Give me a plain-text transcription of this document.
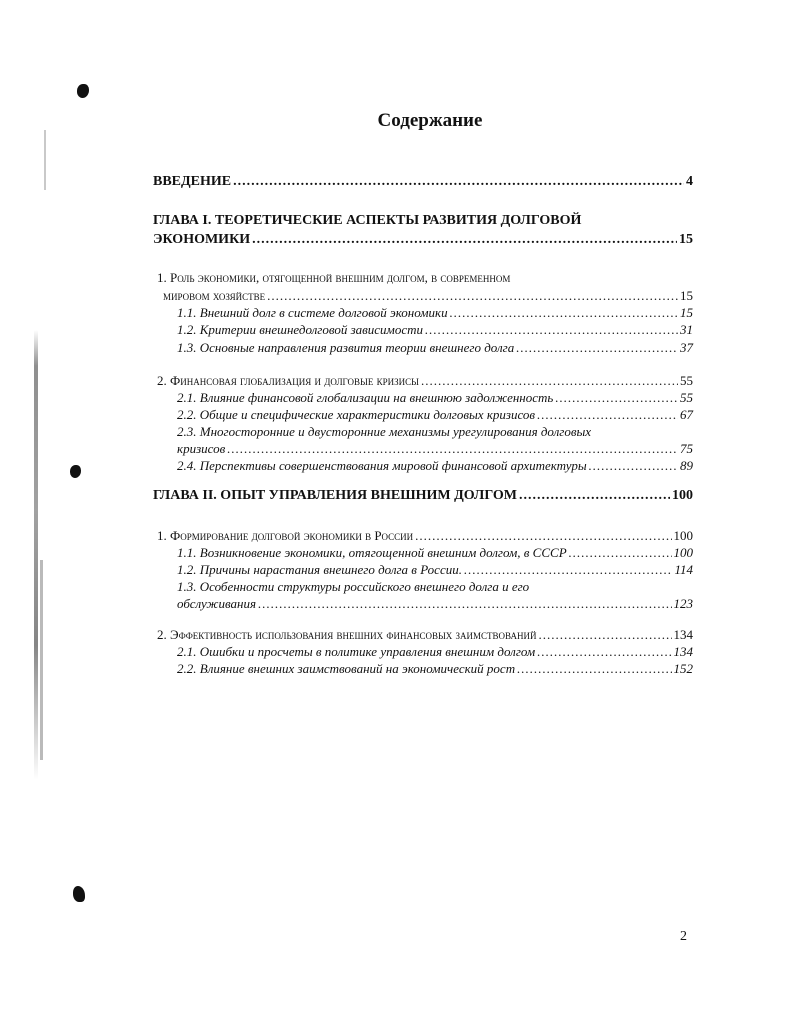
Содержание
ВВЕДЕНИЕ .....	4
ГЛАВА I. ТЕОРЕТИЧЕСКИЕ АСПЕКТЫ РАЗВИТИЯ ДОЛГОВОЙ
ЭКОНОМИКИ .....	15
1. Роль экономики, отягощенной внешним долгом, в современном
мировом хозяйстве .....	15
1.1. Внешний долг в системе долговой экономики .....	15
1.2. Критерии внешнедолговой зависимости .....	31
1.3. Основные направления развития теории внешнего долга .....	37
2. Финансовая глобализация и долговые кризисы .....	55
2.1. Влияние финансовой глобализации на внешнюю задолженность .....	55
2.2. Общие и специфические характеристики долговых кризисов .....	67
2.3. Многосторонние и двусторонние механизмы урегулирования долговых
кризисов .....	75
2.4. Перспективы совершенствования мировой финансовой архитектуры .....	89
ГЛАВА II. ОПЫТ УПРАВЛЕНИЯ ВНЕШНИМ ДОЛГОМ .....	100
1. Формирование долговой экономики в России .....	100
1.1. Возникновение экономики, отягощенной внешним долгом, в СССР .....	100
1.2. Причины нарастания внешнего долга в России. .....	114
1.3. Особенности структуры российского внешнего долга и его
обслуживания .....	123
2. Эффективность использования внешних финансовых заимствований .....	134
2.1. Ошибки и просчеты в политике управления внешним долгом .....	134
2.2. Влияние внешних заимствований на экономический рост .....	152
2
